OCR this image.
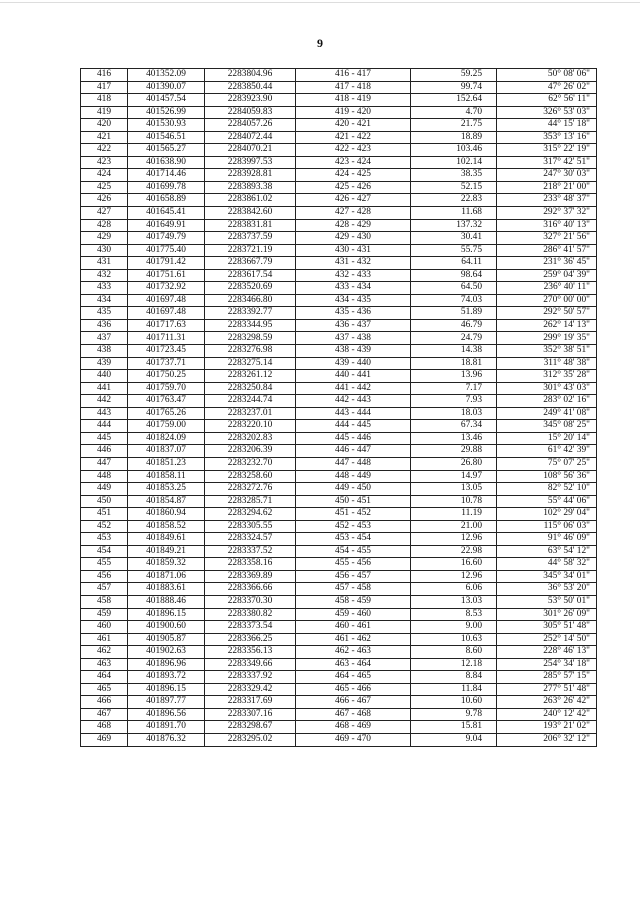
9
416	401352.09	2283804.96	416 - 417	59.25	50° 08' 06"
417	401390.07	2283850.44	417 - 418	99.74	47° 26' 02"
418	401457.54	2283923.90	418 - 419	152.64	62° 56' 11"
419	401526.99	2284059.83	419 - 420	4.70	326° 53' 03"
420	401530.93	2284057.26	420 - 421	21.75	44° 15' 18"
421	401546.51	2284072.44	421 - 422	18.89	353° 13' 16"
422	401565.27	2284070.21	422 - 423	103.46	315° 22' 19"
423	401638.90	2283997.53	423 - 424	102.14	317° 42' 51"
424	401714.46	2283928.81	424 - 425	38.35	247° 30' 03"
425	401699.78	2283893.38	425 - 426	52.15	218° 21' 00"
426	401658.89	2283861.02	426 - 427	22.83	233° 48' 37"
427	401645.41	2283842.60	427 - 428	11.68	292° 37' 32"
428	401649.91	2283831.81	428 - 429	137.32	316° 40' 13"
429	401749.79	2283737.59	429 - 430	30.41	327° 21' 56"
430	401775.40	2283721.19	430 - 431	55.75	286° 41' 57"
431	401791.42	2283667.79	431 - 432	64.11	231° 36' 45"
432	401751.61	2283617.54	432 - 433	98.64	259° 04' 39"
433	401732.92	2283520.69	433 - 434	64.50	236° 40' 11"
434	401697.48	2283466.80	434 - 435	74.03	270° 00' 00"
435	401697.48	2283392.77	435 - 436	51.89	292° 50' 57"
436	401717.63	2283344.95	436 - 437	46.79	262° 14' 13"
437	401711.31	2283298.59	437 - 438	24.79	299° 19' 35"
438	401723.45	2283276.98	438 - 439	14.38	352° 38' 51"
439	401737.71	2283275.14	439 - 440	18.81	311° 48' 38"
440	401750.25	2283261.12	440 - 441	13.96	312° 35' 28"
441	401759.70	2283250.84	441 - 442	7.17	301° 43' 03"
442	401763.47	2283244.74	442 - 443	7.93	283° 02' 16"
443	401765.26	2283237.01	443 - 444	18.03	249° 41' 08"
444	401759.00	2283220.10	444 - 445	67.34	345° 08' 25"
445	401824.09	2283202.83	445 - 446	13.46	15° 20' 14"
446	401837.07	2283206.39	446 - 447	29.88	61° 42' 39"
447	401851.23	2283232.70	447 - 448	26.80	75° 07' 25"
448	401858.11	2283258.60	448 - 449	14.97	108° 56' 36"
449	401853.25	2283272.76	449 - 450	13.05	82° 52' 10"
450	401854.87	2283285.71	450 - 451	10.78	55° 44' 06"
451	401860.94	2283294.62	451 - 452	11.19	102° 29' 04"
452	401858.52	2283305.55	452 - 453	21.00	115° 06' 03"
453	401849.61	2283324.57	453 - 454	12.96	91° 46' 09"
454	401849.21	2283337.52	454 - 455	22.98	63° 54' 12"
455	401859.32	2283358.16	455 - 456	16.60	44° 58' 32"
456	401871.06	2283369.89	456 - 457	12.96	345° 34' 01"
457	401883.61	2283366.66	457 - 458	6.06	36° 53' 20"
458	401888.46	2283370.30	458 - 459	13.03	53° 50' 01"
459	401896.15	2283380.82	459 - 460	8.53	301° 26' 09"
460	401900.60	2283373.54	460 - 461	9.00	305° 51' 48"
461	401905.87	2283366.25	461 - 462	10.63	252° 14' 50"
462	401902.63	2283356.13	462 - 463	8.60	228° 46' 13"
463	401896.96	2283349.66	463 - 464	12.18	254° 34' 18"
464	401893.72	2283337.92	464 - 465	8.84	285° 57' 15"
465	401896.15	2283329.42	465 - 466	11.84	277° 51' 48"
466	401897.77	2283317.69	466 - 467	10.60	263° 26' 42"
467	401896.56	2283307.16	467 - 468	9.78	240° 12' 42"
468	401891.70	2283298.67	468 - 469	15.81	193° 21' 02"
469	401876.32	2283295.02	469 - 470	9.04	206° 32' 12"
